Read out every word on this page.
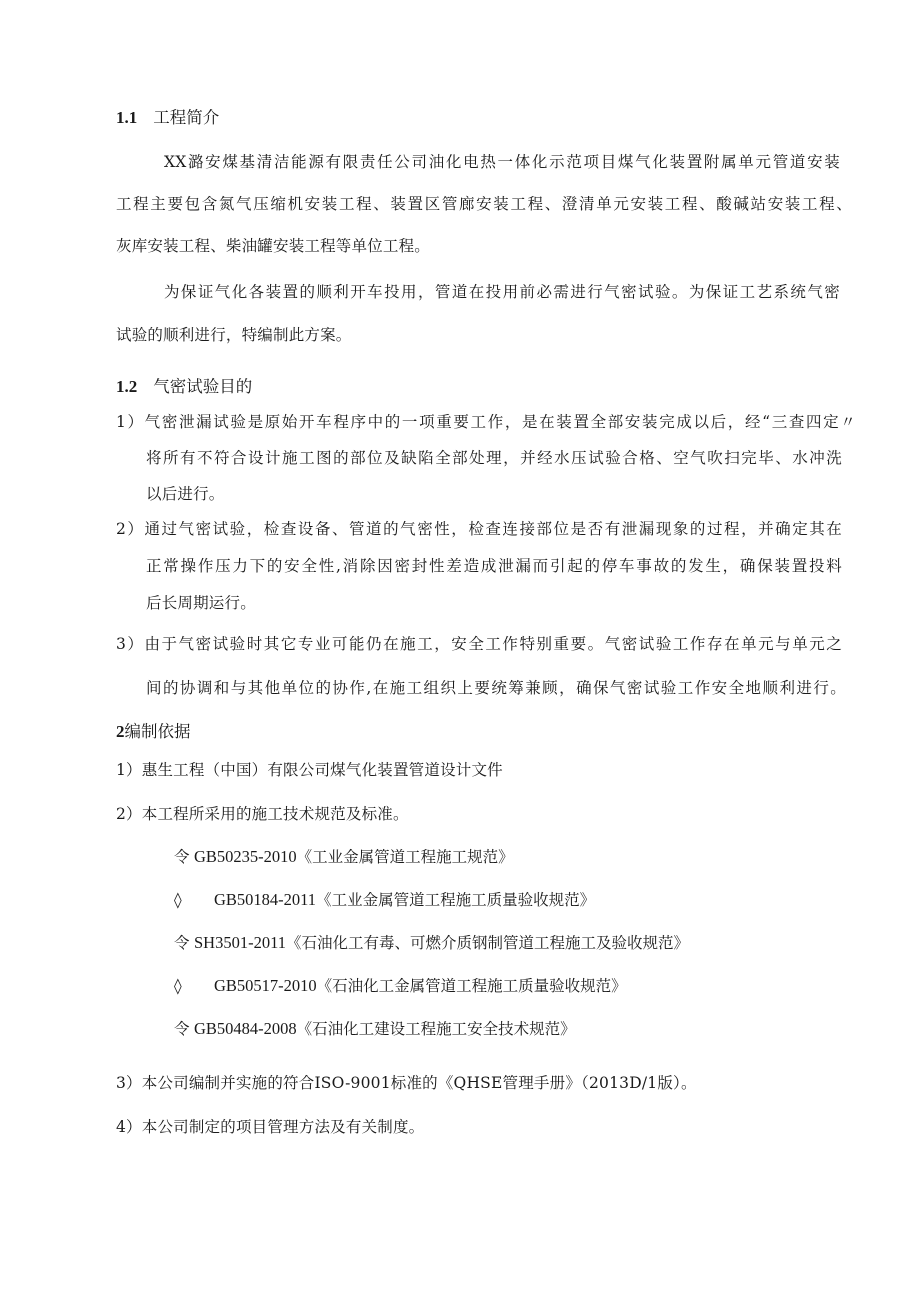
1.1 工程简介
XX潞安煤基清洁能源有限责任公司油化电热一体化示范项目煤气化装置附属单元管道安装
工程主要包含氮气压缩机安装工程、装置区管廊安装工程、澄清单元安装工程、酸碱站安装工程、
灰库安装工程、柴油罐安装工程等单位工程。
为保证气化各装置的顺利开车投用，管道在投用前必需进行气密试验。为保证工艺系统气密
试验的顺利进行，特编制此方案。
1.2 气密试验目的
1）气密泄漏试验是原始开车程序中的一项重要工作，是在装置全部安装完成以后，经“三查四定〃
将所有不符合设计施工图的部位及缺陷全部处理，并经水压试验合格、空气吹扫完毕、水冲洗
以后进行。
2）通过气密试验，检查设备、管道的气密性，检查连接部位是否有泄漏现象的过程，并确定其在
正常操作压力下的安全性,消除因密封性差造成泄漏而引起的停车事故的发生，确保装置投料
后长周期运行。
3）由于气密试验时其它专业可能仍在施工，安全工作特别重要。气密试验工作存在单元与单元之
间的协调和与其他单位的协作,在施工组织上要统筹兼顾，确保气密试验工作安全地顺利进行。
2编制依据
1）惠生工程（中国）有限公司煤气化装置管道设计文件
2）本工程所采用的施工技术规范及标准。
令 GB50235-2010《工业金属管道工程施工规范》
◊ GB50184-2011《工业金属管道工程施工质量验收规范》
令 SH3501-2011《石油化工有毒、可燃介质钢制管道工程施工及验收规范》
◊ GB50517-2010《石油化工金属管道工程施工质量验收规范》
令 GB50484-2008《石油化工建设工程施工安全技术规范》
3）本公司编制并实施的符合ISO-9001标准的《QHSE管理手册》（2013D/1版）。
4）本公司制定的项目管理方法及有关制度。
